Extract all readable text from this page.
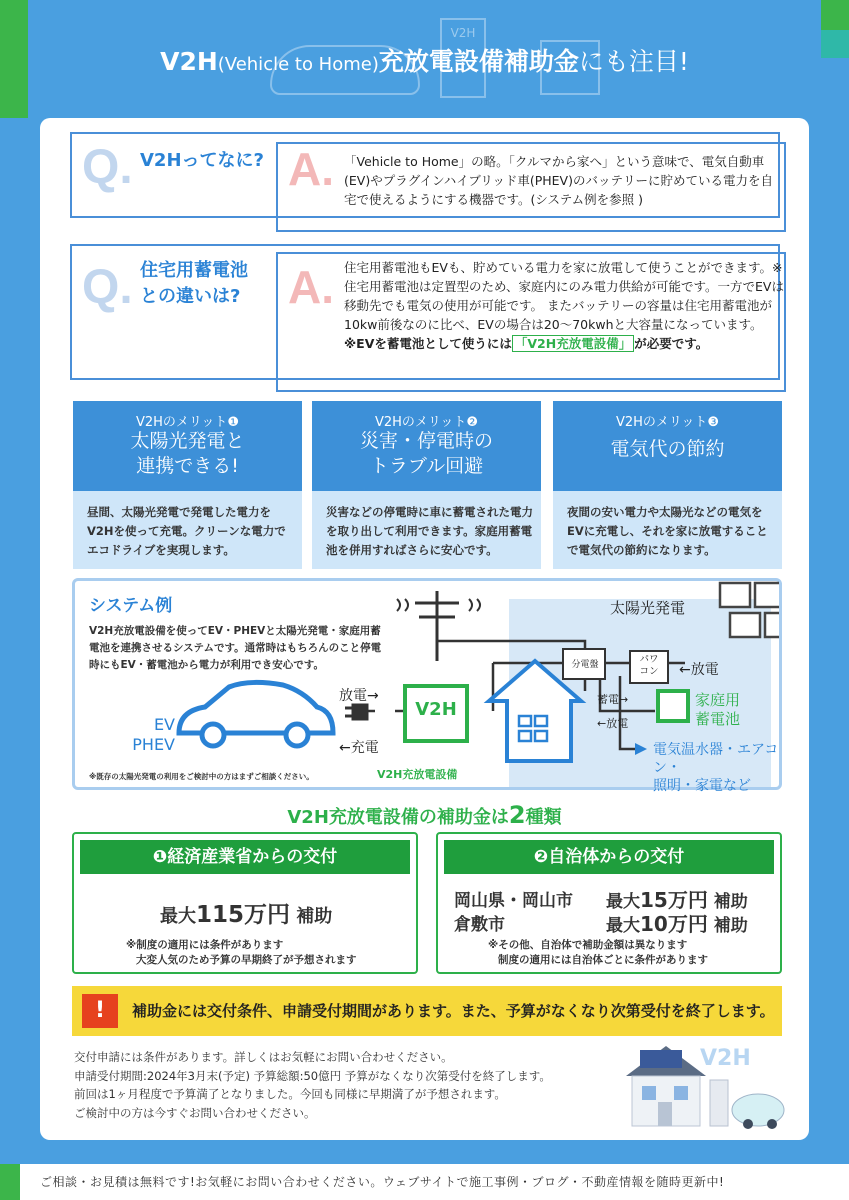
V2H
V2H(Vehicle to Home)充放電設備補助金にも注目!
Q. V2Hってなに? A. 「Vehicle to Home」の略。「クルマから家へ」という意味で、電気自動車(EV)やプラグインハイブリッド車(PHEV)のバッテリーに貯めている電力を自宅で使えるようにする機器です。(システム例を参照 )
Q. 住宅用蓄電池
との違いは? A. 住宅用蓄電池もEVも、貯めている電力を家に放電して使うことができます。※住宅用蓄電池は定置型のため、家庭内にのみ電力供給が可能です。一方でEVは移動先でも電気の使用が可能です。 またバッテリーの容量は住宅用蓄電池が10kw前後なのに比べ、EVの場合は20〜70kwhと大容量になっています。
※EVを蓄電池として使うには 「V2H充放電設備」 が必要です。
V2Hのメリット❶
太陽光発電と
連携できる!
昼間、太陽光発電で発電した電力をV2Hを使って充電。クリーンな電力でエコドライブを実現します。
V2Hのメリット❷
災害・停電時の
トラブル回避
災害などの停電時に車に蓄電された電力を取り出して利用できます。家庭用蓄電池を併用すればさらに安心です。
V2Hのメリット❸
電気代の節約
夜間の安い電力や太陽光などの電気をEVに充電し、それを家に放電することで電気代の節約になります。
システム例
V2H充放電設備を使ってEV・PHEVと太陽光発電・家庭用蓄電池を連携させるシステムです。通常時はもちろんのこと停電時にもEV・蓄電池から電力が利用でき安心です。
EV
PHEV
放電→
←充電
V2H
V2H充放電設備
太陽光発電
分電盤	パワ
コン	←放電
蓄電→
←放電
家庭用
蓄電池
電気温水器・エアコン・
照明・家電など
※既存の太陽光発電の利用をご検討中の方はまずご相談ください。
V2H充放電設備の補助金は2種類
❶経済産業省からの交付
最大115万円 補助
※制度の適用には条件があります
大変人気のため予算の早期終了が予想されます
❷自治体からの交付
岡山県・岡山市 最大15万円 補助
倉敷市	最大10万円 補助
※その他、自治体で補助金額は異なります
制度の適用には自治体ごとに条件があります
!	補助金には交付条件、申請受付期間があります。また、予算がなくなり次第受付を終了します。
交付申請には条件があります。詳しくはお気軽にお問い合わせください。
申請受付期間:2024年3月末(予定) 予算総額:50億円 予算がなくなり次第受付を終了します。
前回は1ヶ月程度で予算満了となりました。今回も同様に早期満了が予想されます。
ご検討中の方は今すぐお問い合わせください。
V2H
ご相談・お見積は無料です!お気軽にお問い合わせください。ウェブサイトで施工事例・ブログ・不動産情報を随時更新中!
